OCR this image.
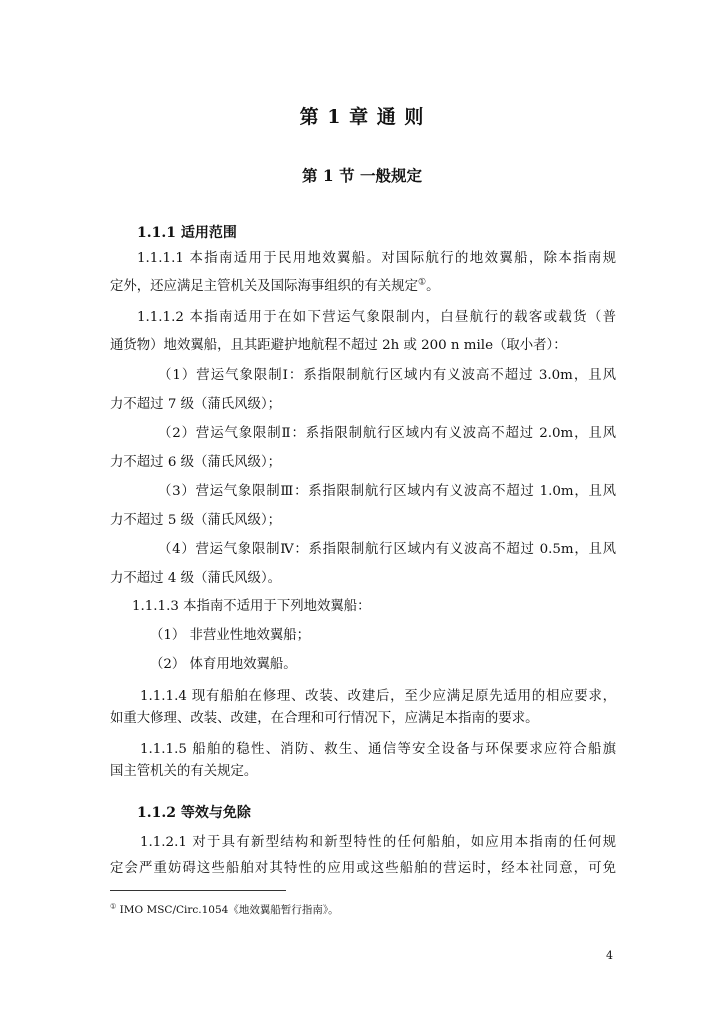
第 1 章 通 则
第 1 节 一般规定
1.1.1 适用范围
1.1.1.1 本指南适用于民用地效翼船。对国际航行的地效翼船，除本指南规
定外，还应满足主管机关及国际海事组织的有关规定①。
1.1.1.2 本指南适用于在如下营运气象限制内，白昼航行的载客或载货（普
通货物）地效翼船，且其距避护地航程不超过 2h 或 200 n mile（取小者）：
（1）营运气象限制Ⅰ：系指限制航行区域内有义波高不超过 3.0m，且风
力不超过 7 级（蒲氏风级）；
（2）营运气象限制Ⅱ：系指限制航行区域内有义波高不超过 2.0m，且风
力不超过 6 级（蒲氏风级）；
（3）营运气象限制Ⅲ：系指限制航行区域内有义波高不超过 1.0m，且风
力不超过 5 级（蒲氏风级）；
（4）营运气象限制Ⅳ：系指限制航行区域内有义波高不超过 0.5m，且风
力不超过 4 级（蒲氏风级）。
1.1.1.3 本指南不适用于下列地效翼船：
（1） 非营业性地效翼船；
（2） 体育用地效翼船。
1.1.1.4 现有船舶在修理、改装、改建后，至少应满足原先适用的相应要求，
如重大修理、改装、改建，在合理和可行情况下，应满足本指南的要求。
1.1.1.5 船舶的稳性、消防、救生、通信等安全设备与环保要求应符合船旗
国主管机关的有关规定。
1.1.2 等效与免除
1.1.2.1 对于具有新型结构和新型特性的任何船舶，如应用本指南的任何规
定会严重妨碍这些船舶对其特性的应用或这些船舶的营运时，经本社同意，可免
① IMO MSC/Circ.1054《地效翼船暂行指南》。
4
